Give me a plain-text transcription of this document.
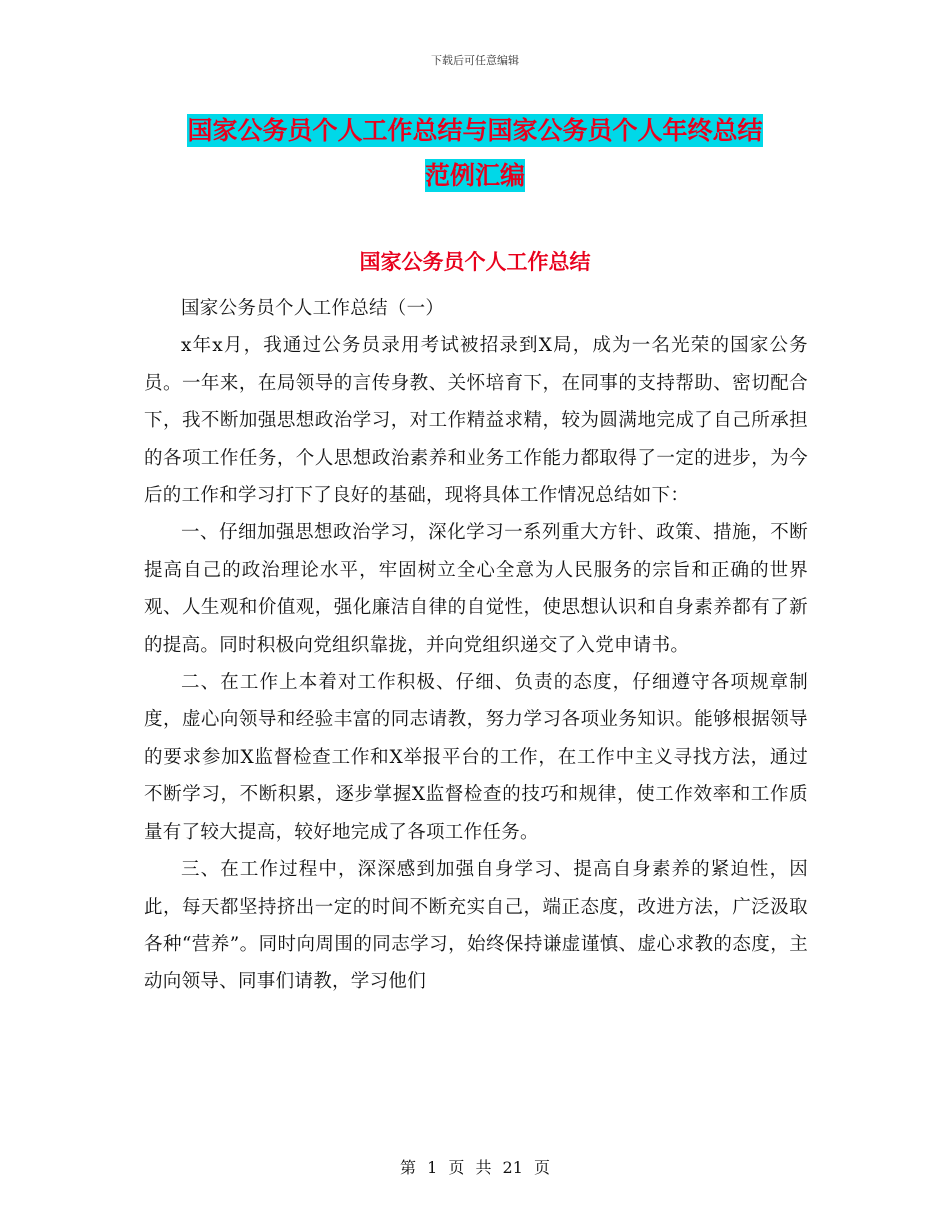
下载后可任意编辑
国家公务员个人工作总结与国家公务员个人年终总结
范例汇编
国家公务员个人工作总结

国家公务员个人工作总结（一）

x年x月，我通过公务员录用考试被招录到X局，成为一名光荣的国家公务员。一年来，在局领导的言传身教、关怀培育下，在同事的支持帮助、密切配合下，我不断加强思想政治学习，对工作精益求精，较为圆满地完成了自己所承担的各项工作任务，个人思想政治素养和业务工作能力都取得了一定的进步，为今后的工作和学习打下了良好的基础，现将具体工作情况总结如下：

一、仔细加强思想政治学习，深化学习一系列重大方针、政策、措施，不断提高自己的政治理论水平，牢固树立全心全意为人民服务的宗旨和正确的世界观、人生观和价值观，强化廉洁自律的自觉性，使思想认识和自身素养都有了新的提高。同时积极向党组织靠拢，并向党组织递交了入党申请书。

二、在工作上本着对工作积极、仔细、负责的态度，仔细遵守各项规章制度，虚心向领导和经验丰富的同志请教，努力学习各项业务知识。能够根据领导的要求参加X监督检查工作和X举报平台的工作，在工作中主义寻找方法，通过不断学习，不断积累，逐步掌握X监督检查的技巧和规律，使工作效率和工作质量有了较大提高，较好地完成了各项工作任务。

三、在工作过程中，深深感到加强自身学习、提高自身素养的紧迫性，因此，每天都坚持挤出一定的时间不断充实自己，端正态度，改进方法，广泛汲取各种“营养”。同时向周围的同志学习，始终保持谦虚谨慎、虚心求教的态度，主动向领导、同事们请教，学习他们

第 1 页 共 21 页
